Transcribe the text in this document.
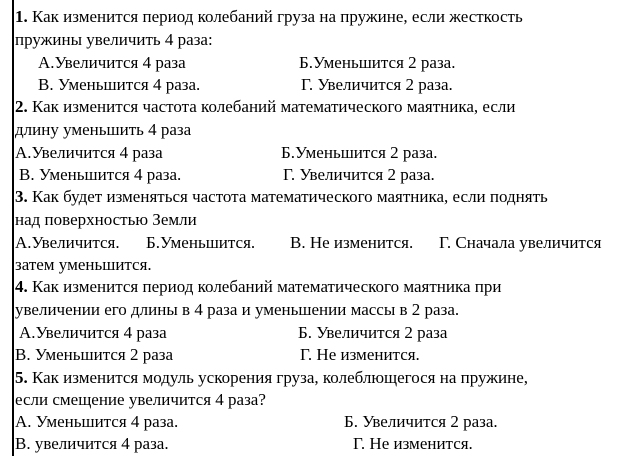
1. Как изменится период колебаний груза на пружине, если жесткость
пружины увеличить 4 раза:
А.Увеличится 4 раза	Б.Уменьшится 2 раза.
В. Уменьшится 4 раза.	Г. Увеличится 2 раза.
2. Как изменится частота колебаний математического маятника, если
длину уменьшить 4 раза
А.Увеличится 4 раза	Б.Уменьшится 2 раза.
В. Уменьшится 4 раза.	Г. Увеличится 2 раза.
3. Как будет изменяться частота математического маятника, если поднять
над поверхностью Земли
А.Увеличится. Б.Уменьшится. В. Не изменится. Г. Сначала увеличится
затем уменьшится.
4. Как изменится период колебаний математического маятника при
увеличении его длины в 4 раза и уменьшении массы в 2 раза.
А.Увеличится 4 раза	Б. Увеличится 2 раза
В. Уменьшится 2 раза	Г. Не изменится.
5. Как изменится модуль ускорения груза, колеблющегося на пружине,
если смещение увеличится 4 раза?
А. Уменьшится 4 раза.	Б. Увеличится 2 раза.
В. увеличится 4 раза.	Г. Не изменится.
